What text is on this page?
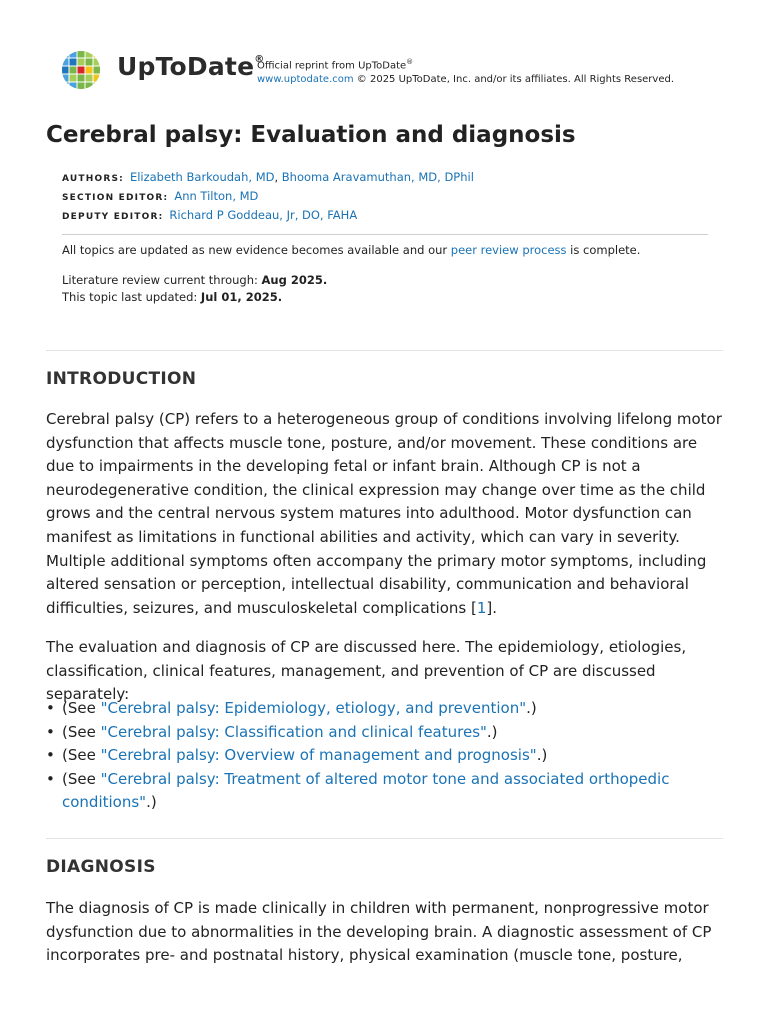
UpToDate®
Official reprint from UpToDate®
www.uptodate.com © 2025 UpToDate, Inc. and/or its affiliates. All Rights Reserved.
Cerebral palsy: Evaluation and diagnosis
AUTHORS: Elizabeth Barkoudah, MD, Bhooma Aravamuthan, MD, DPhil
SECTION EDITOR: Ann Tilton, MD
DEPUTY EDITOR: Richard P Goddeau, Jr, DO, FAHA
All topics are updated as new evidence becomes available and our peer review process is complete.
Literature review current through: Aug 2025.
This topic last updated: Jul 01, 2025.
INTRODUCTION

Cerebral palsy (CP) refers to a heterogeneous group of conditions involving lifelong motor dysfunction that affects muscle tone, posture, and/or movement. These conditions are due to impairments in the developing fetal or infant brain. Although CP is not a neurodegenerative condition, the clinical expression may change over time as the child grows and the central nervous system matures into adulthood. Motor dysfunction can manifest as limitations in functional abilities and activity, which can vary in severity. Multiple additional symptoms often accompany the primary motor symptoms, including altered sensation or perception, intellectual disability, communication and behavioral difficulties, seizures, and musculoskeletal complications [1].

The evaluation and diagnosis of CP are discussed here. The epidemiology, etiologies, classification, clinical features, management, and prevention of CP are discussed separately:

• (See "Cerebral palsy: Epidemiology, etiology, and prevention".)
• (See "Cerebral palsy: Classification and clinical features".)
• (See "Cerebral palsy: Overview of management and prognosis".)
• (See "Cerebral palsy: Treatment of altered motor tone and associated orthopedic conditions".)
DIAGNOSIS

The diagnosis of CP is made clinically in children with permanent, nonprogressive motor dysfunction due to abnormalities in the developing brain. A diagnostic assessment of CP incorporates pre- and postnatal history, physical examination (muscle tone, posture,
